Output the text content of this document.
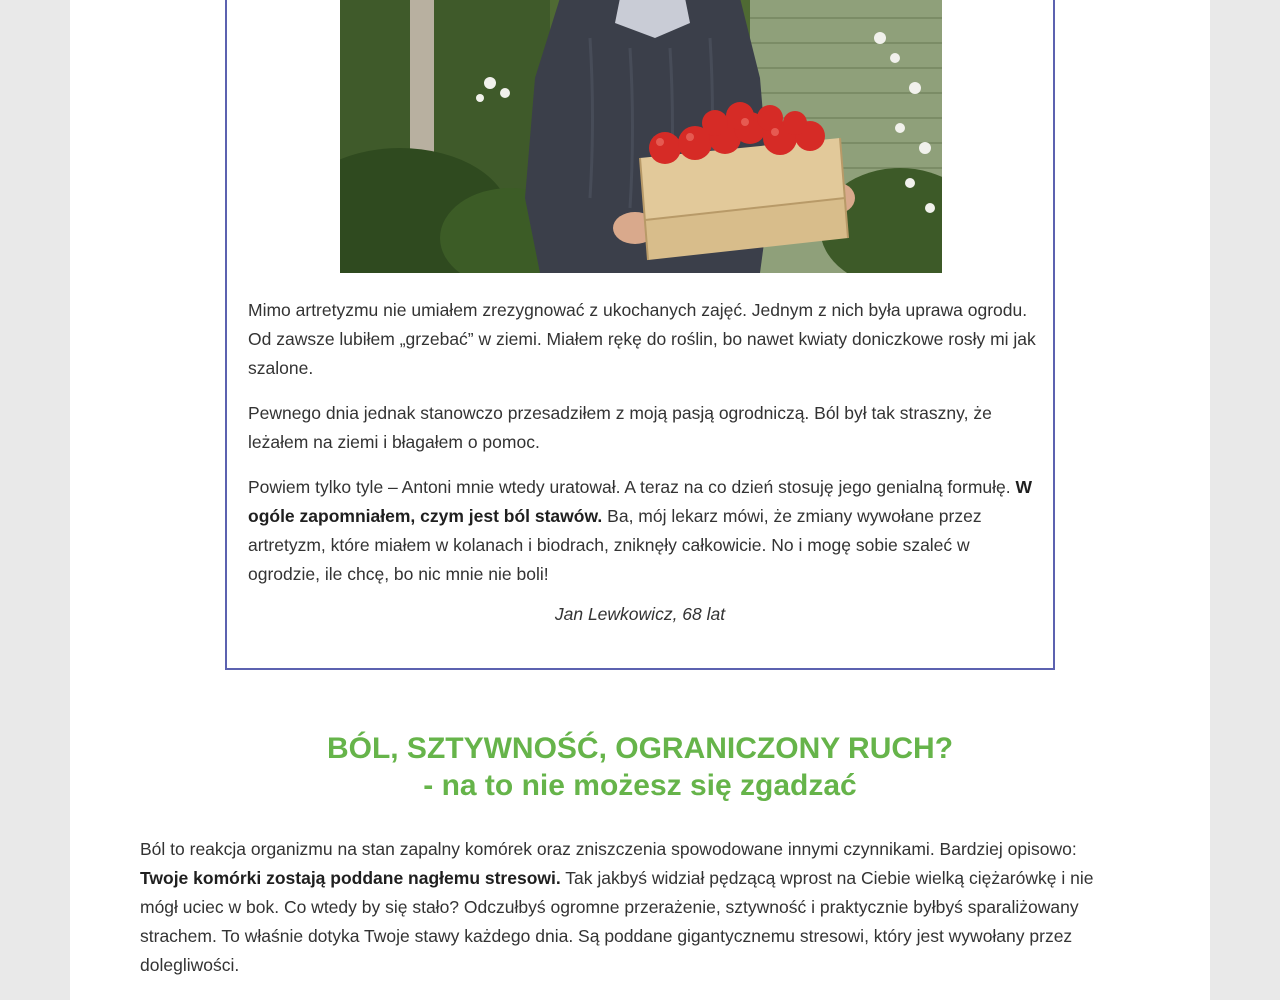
Mimo artretyzmu nie umiałem zrezygnować z ukochanych zajęć. Jednym z nich była uprawa ogrodu. Od zawsze lubiłem „grzebać” w ziemi. Miałem rękę do roślin, bo nawet kwiaty doniczkowe rosły mi jak szalone.

Pewnego dnia jednak stanowczo przesadziłem z moją pasją ogrodniczą. Ból był tak straszny, że leżałem na ziemi i błagałem o pomoc.

Powiem tylko tyle – Antoni mnie wtedy uratował. A teraz na co dzień stosuję jego genialną formułę. W ogóle zapomniałem, czym jest ból stawów. Ba, mój lekarz mówi, że zmiany wywołane przez artretyzm, które miałem w kolanach i biodrach, zniknęły całkowicie. No i mogę sobie szaleć w ogrodzie, ile chcę, bo nic mnie nie boli!

Jan Lewkowicz, 68 lat
BÓL, SZTYWNOŚĆ, OGRANICZONY RUCH?
- na to nie możesz się zgadzać

Ból to reakcja organizmu na stan zapalny komórek oraz zniszczenia spowodowane innymi czynnikami. Bardziej opisowo: Twoje komórki zostają poddane nagłemu stresowi. Tak jakbyś widział pędzącą wprost na Ciebie wielką ciężarówkę i nie mógł uciec w bok. Co wtedy by się stało? Odczułbyś ogromne przerażenie, sztywność i praktycznie byłbyś sparaliżowany strachem. To właśnie dotyka Twoje stawy każdego dnia. Są poddane gigantycznemu stresowi, który jest wywołany przez dolegliwości.
